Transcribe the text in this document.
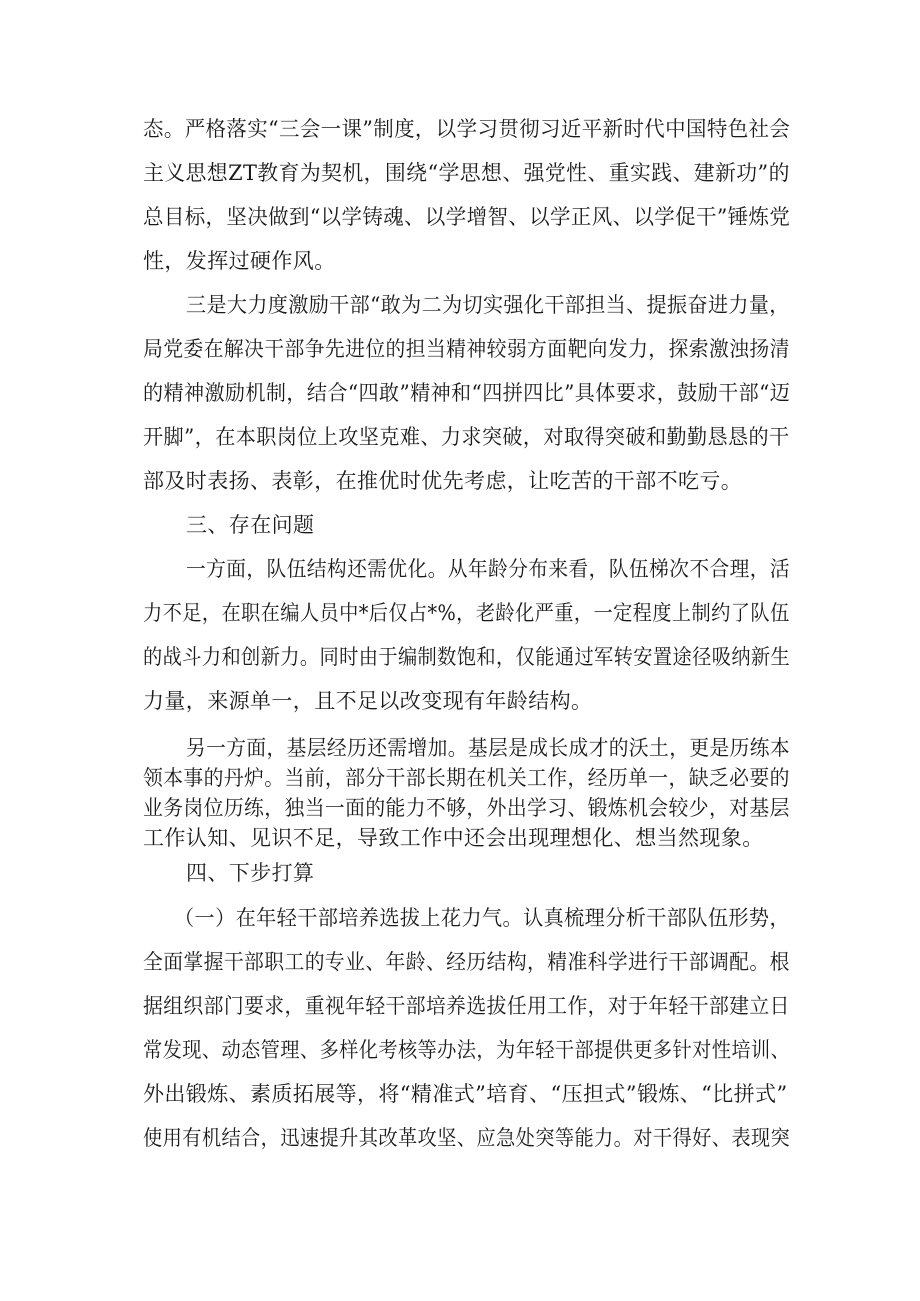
态。严格落实“三会一课”制度，以学习贯彻习近平新时代中国特色社会
主义思想ZT教育为契机，围绕“学思想、强党性、重实践、建新功”的
总目标，坚决做到“以学铸魂、以学增智、以学正风、以学促干”锤炼党
性，发挥过硬作风。
三是大力度激励干部“敢为二为切实强化干部担当、提振奋进力量，
局党委在解决干部争先进位的担当精神较弱方面靶向发力，探索激浊扬清
的精神激励机制，结合“四敢”精神和“四拼四比”具体要求，鼓励干部“迈
开脚”，在本职岗位上攻坚克难、力求突破，对取得突破和勤勤恳恳的干
部及时表扬、表彰，在推优时优先考虑，让吃苦的干部不吃亏。
三、存在问题
一方面，队伍结构还需优化。从年龄分布来看，队伍梯次不合理，活
力不足，在职在编人员中*后仅占*%，老龄化严重，一定程度上制约了队伍
的战斗力和创新力。同时由于编制数饱和，仅能通过军转安置途径吸纳新生
力量，来源单一，且不足以改变现有年龄结构。
另一方面，基层经历还需增加。基层是成长成才的沃土，更是历练本
领本事的丹炉。当前，部分干部长期在机关工作，经历单一，缺乏必要的
业务岗位历练，独当一面的能力不够，外出学习、锻炼机会较少，对基层
工作认知、见识不足，导致工作中还会出现理想化、想当然现象。
四、下步打算
（一）在年轻干部培养选拔上花力气。认真梳理分析干部队伍形势，
全面掌握干部职工的专业、年龄、经历结构，精准科学进行干部调配。根
据组织部门要求，重视年轻干部培养选拔任用工作，对于年轻干部建立日
常发现、动态管理、多样化考核等办法，为年轻干部提供更多针对性培训、
外出锻炼、素质拓展等，将“精准式”培育、“压担式”锻炼、“比拼式”
使用有机结合，迅速提升其改革攻坚、应急处突等能力。对干得好、表现突
